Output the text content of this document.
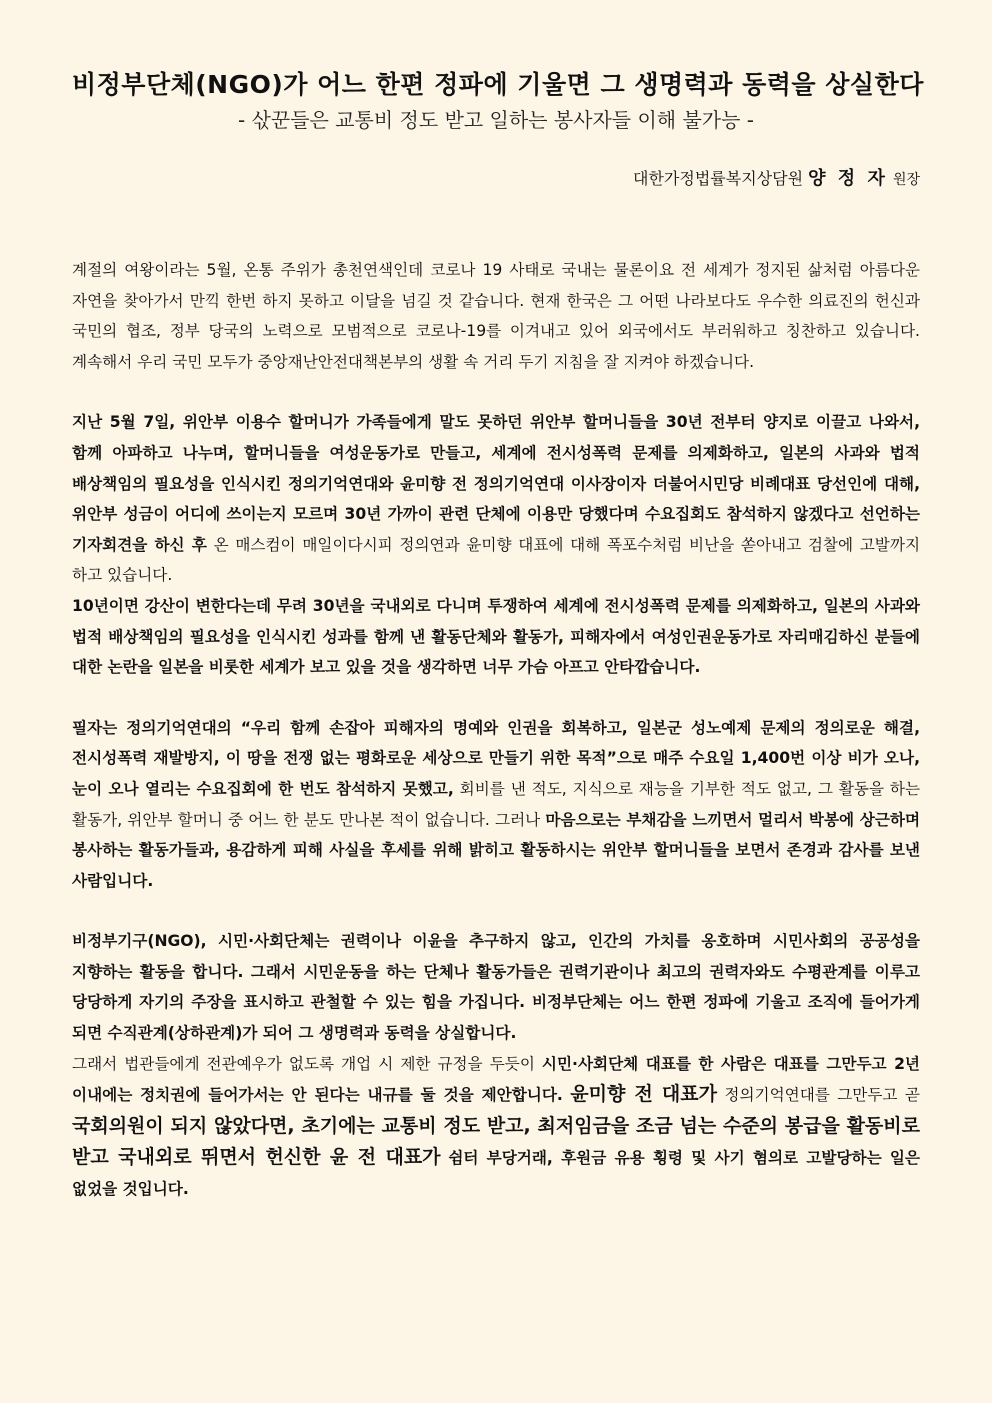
비정부단체(NGO)가 어느 한편 정파에 기울면 그 생명력과 동력을 상실한다

- 삯꾼들은 교통비 정도 받고 일하는 봉사자들 이해 불가능 -

대한가정법률복지상담원 양 정 자 원장

계절의 여왕이라는 5월, 온통 주위가 총천연색인데 코로나 19 사태로 국내는 물론이요 전 세계가 정지된 삶처럼 아름다운 자연을 찾아가서 만끽 한번 하지 못하고 이달을 넘길 것 같습니다. 현재 한국은 그 어떤 나라보다도 우수한 의료진의 헌신과 국민의 협조, 정부 당국의 노력으로 모범적으로 코로나-19를 이겨내고 있어 외국에서도 부러워하고 칭찬하고 있습니다. 계속해서 우리 국민 모두가 중앙재난안전대책본부의 생활 속 거리 두기 지침을 잘 지켜야 하겠습니다.

지난 5월 7일, 위안부 이용수 할머니가 가족들에게 말도 못하던 위안부 할머니들을 30년 전부터 양지로 이끌고 나와서, 함께 아파하고 나누며, 할머니들을 여성운동가로 만들고, 세계에 전시성폭력 문제를 의제화하고, 일본의 사과와 법적 배상책임의 필요성을 인식시킨 정의기억연대와 윤미향 전 정의기억연대 이사장이자 더불어시민당 비례대표 당선인에 대해, 위안부 성금이 어디에 쓰이는지 모르며 30년 가까이 관련 단체에 이용만 당했다며 수요집회도 참석하지 않겠다고 선언하는 기자회견을 하신 후 온 매스컴이 매일이다시피 정의연과 윤미향 대표에 대해 폭포수처럼 비난을 쏟아내고 검찰에 고발까지 하고 있습니다.

10년이면 강산이 변한다는데 무려 30년을 국내외로 다니며 투쟁하여 세계에 전시성폭력 문제를 의제화하고, 일본의 사과와 법적 배상책임의 필요성을 인식시킨 성과를 함께 낸 활동단체와 활동가, 피해자에서 여성인권운동가로 자리매김하신 분들에 대한 논란을 일본을 비롯한 세계가 보고 있을 것을 생각하면 너무 가슴 아프고 안타깝습니다.

필자는 정의기억연대의 “우리 함께 손잡아 피해자의 명예와 인권을 회복하고, 일본군 성노예제 문제의 정의로운 해결, 전시성폭력 재발방지, 이 땅을 전쟁 없는 평화로운 세상으로 만들기 위한 목적”으로 매주 수요일 1,400번 이상 비가 오나, 눈이 오나 열리는 수요집회에 한 번도 참석하지 못했고, 회비를 낸 적도, 지식으로 재능을 기부한 적도 없고, 그 활동을 하는 활동가, 위안부 할머니 중 어느 한 분도 만나본 적이 없습니다. 그러나 마음으로는 부채감을 느끼면서 멀리서 박봉에 상근하며 봉사하는 활동가들과, 용감하게 피해 사실을 후세를 위해 밝히고 활동하시는 위안부 할머니들을 보면서 존경과 감사를 보낸 사람입니다.

비정부기구(NGO), 시민·사회단체는 권력이나 이윤을 추구하지 않고, 인간의 가치를 옹호하며 시민사회의 공공성을 지향하는 활동을 합니다. 그래서 시민운동을 하는 단체나 활동가들은 권력기관이나 최고의 권력자와도 수평관계를 이루고 당당하게 자기의 주장을 표시하고 관철할 수 있는 힘을 가집니다. 비정부단체는 어느 한편 정파에 기울고 조직에 들어가게 되면 수직관계(상하관계)가 되어 그 생명력과 동력을 상실합니다.

그래서 법관들에게 전관예우가 없도록 개업 시 제한 규정을 두듯이 시민·사회단체 대표를 한 사람은 대표를 그만두고 2년 이내에는 정치권에 들어가서는 안 된다는 내규를 둘 것을 제안합니다. 윤미향 전 대표가 정의기억연대를 그만두고 곧 국회의원이 되지 않았다면, 초기에는 교통비 정도 받고, 최저임금을 조금 넘는 수준의 봉급을 활동비로 받고 국내외로 뛰면서 헌신한 윤 전 대표가 쉼터 부당거래, 후원금 유용 횡령 및 사기 혐의로 고발당하는 일은 없었을 것입니다.
